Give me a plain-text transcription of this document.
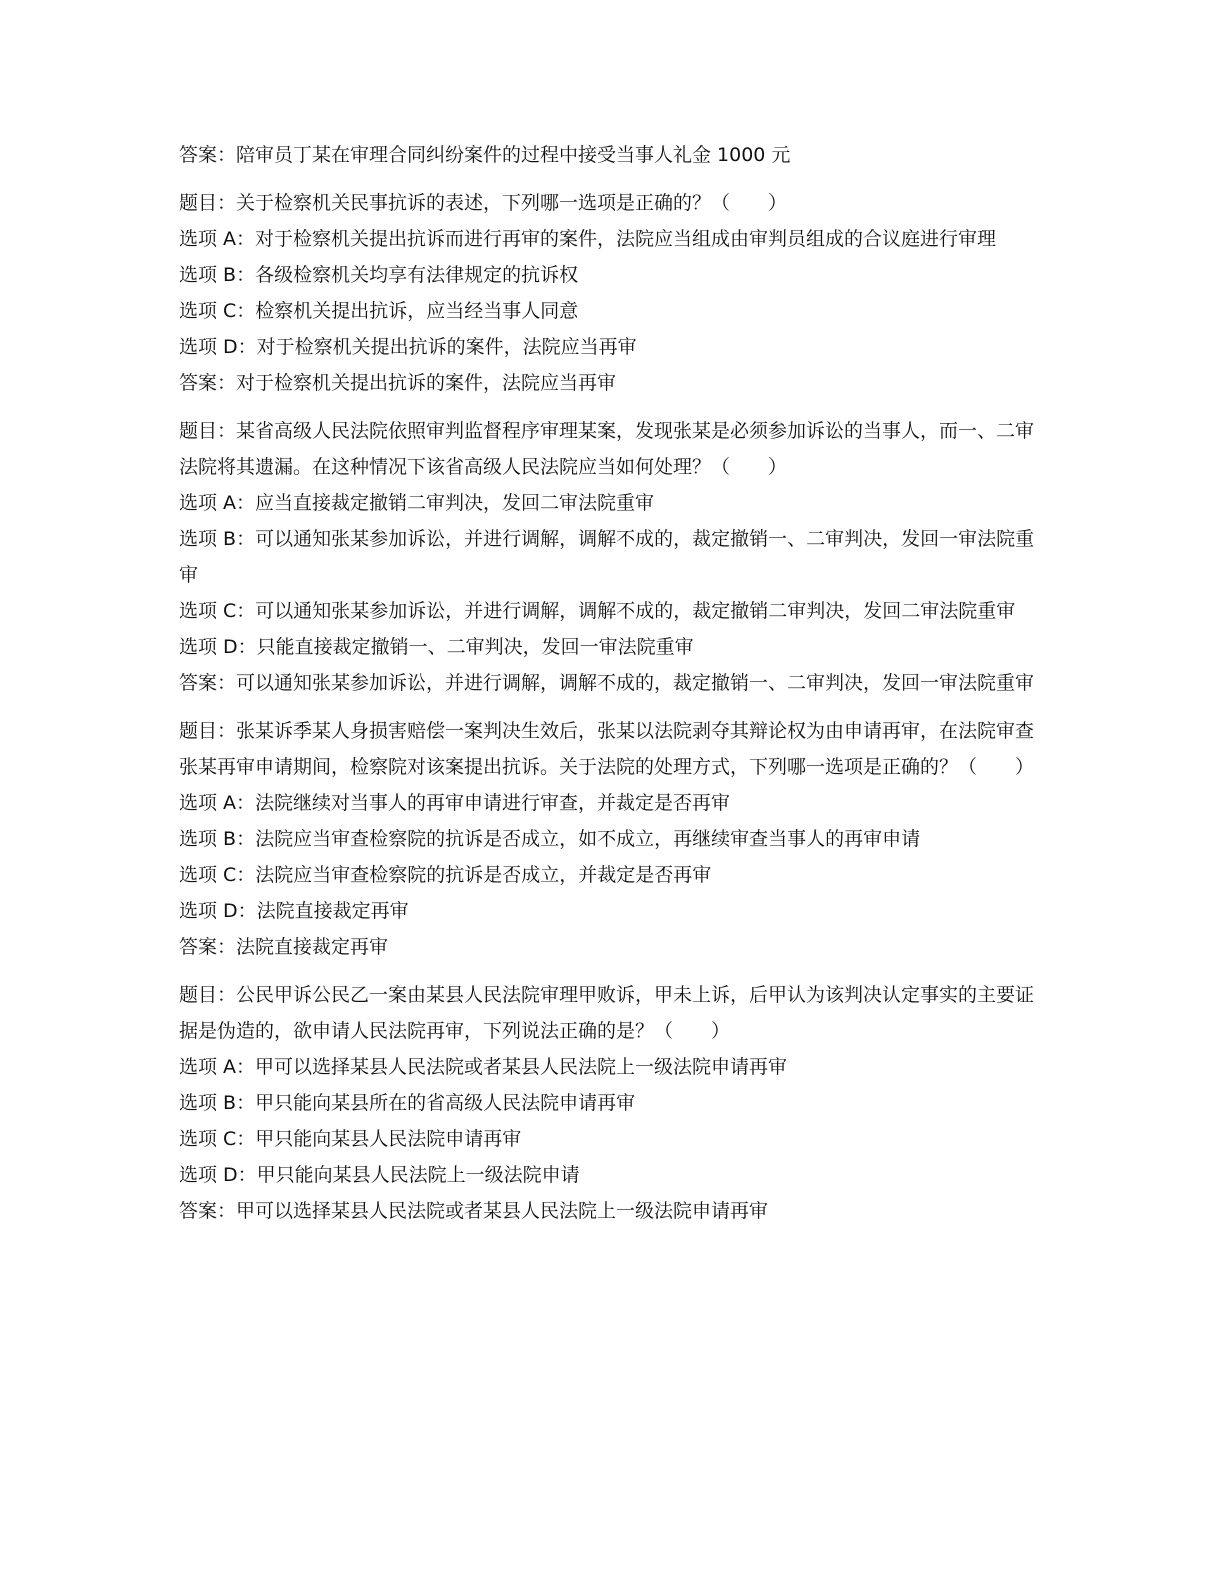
答案：陪审员丁某在审理合同纠纷案件的过程中接受当事人礼金 1000 元

题目：关于检察机关民事抗诉的表述，下列哪一选项是正确的？（　　）

选项 A：对于检察机关提出抗诉而进行再审的案件，法院应当组成由审判员组成的合议庭进行审理

选项 B：各级检察机关均享有法律规定的抗诉权

选项 C：检察机关提出抗诉，应当经当事人同意

选项 D：对于检察机关提出抗诉的案件，法院应当再审

答案：对于检察机关提出抗诉的案件，法院应当再审

题目：某省高级人民法院依照审判监督程序审理某案，发现张某是必须参加诉讼的当事人，而一、二审法院将其遗漏。在这种情况下该省高级人民法院应当如何处理？（　　）

选项 A：应当直接裁定撤销二审判决，发回二审法院重审

选项 B：可以通知张某参加诉讼，并进行调解，调解不成的，裁定撤销一、二审判决，发回一审法院重审

选项 C：可以通知张某参加诉讼，并进行调解，调解不成的，裁定撤销二审判决，发回二审法院重审

选项 D：只能直接裁定撤销一、二审判决，发回一审法院重审

答案：可以通知张某参加诉讼，并进行调解，调解不成的，裁定撤销一、二审判决，发回一审法院重审

题目：张某诉季某人身损害赔偿一案判决生效后，张某以法院剥夺其辩论权为由申请再审，在法院审查张某再审申请期间，检察院对该案提出抗诉。关于法院的处理方式，下列哪一选项是正确的？（　　）

选项 A：法院继续对当事人的再审申请进行审查，并裁定是否再审

选项 B：法院应当审查检察院的抗诉是否成立，如不成立，再继续审查当事人的再审申请

选项 C：法院应当审查检察院的抗诉是否成立，并裁定是否再审

选项 D：法院直接裁定再审

答案：法院直接裁定再审

题目：公民甲诉公民乙一案由某县人民法院审理甲败诉，甲未上诉，后甲认为该判决认定事实的主要证据是伪造的，欲申请人民法院再审，下列说法正确的是？（　　）

选项 A：甲可以选择某县人民法院或者某县人民法院上一级法院申请再审

选项 B：甲只能向某县所在的省高级人民法院申请再审

选项 C：甲只能向某县人民法院申请再审

选项 D：甲只能向某县人民法院上一级法院申请

答案：甲可以选择某县人民法院或者某县人民法院上一级法院申请再审
